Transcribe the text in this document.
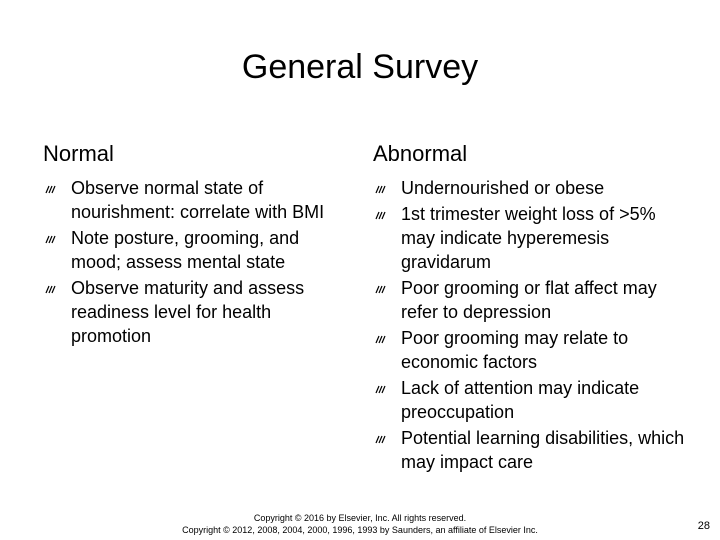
General Survey
Normal
Observe normal state of nourishment: correlate with BMI
Note posture, grooming, and mood; assess mental state
Observe maturity and assess readiness level for health promotion
Abnormal
Undernourished or obese
1st trimester weight loss of >5% may indicate hyperemesis gravidarum
Poor grooming or flat affect may refer to depression
Poor grooming may relate to economic factors
Lack of attention may indicate preoccupation
Potential learning disabilities, which may impact care
Copyright © 2016 by Elsevier, Inc. All rights reserved.
Copyright © 2012, 2008, 2004, 2000, 1996, 1993 by Saunders, an affiliate of Elsevier Inc.	28
